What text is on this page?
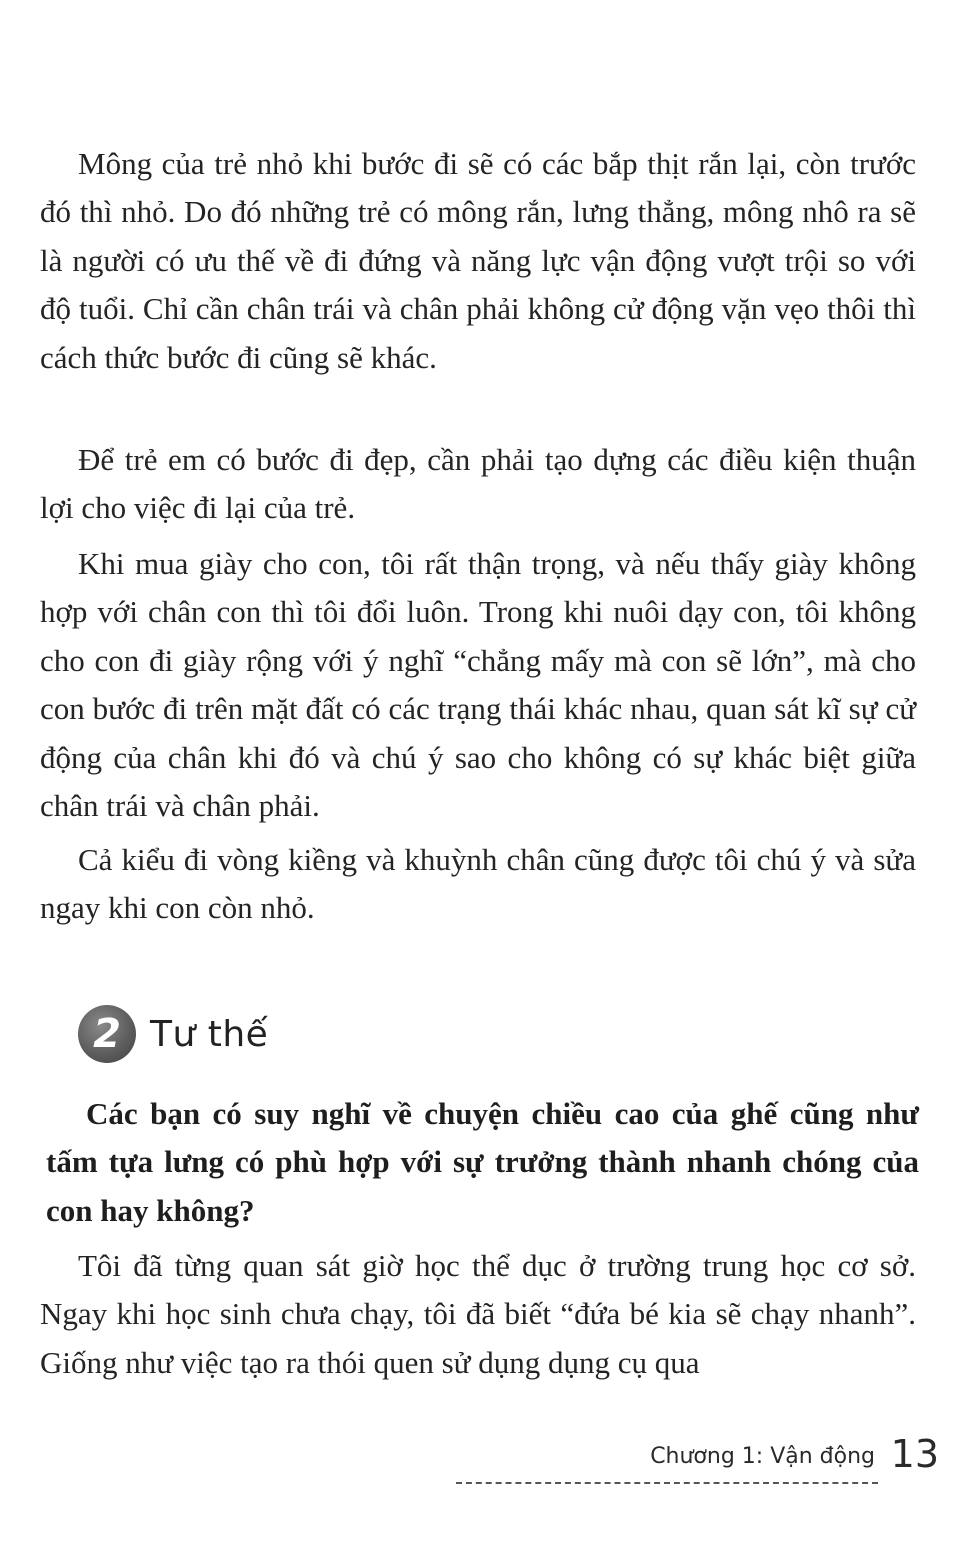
Mông của trẻ nhỏ khi bước đi sẽ có các bắp thịt rắn lại, còn trước đó thì nhỏ. Do đó những trẻ có mông rắn, lưng thẳng, mông nhô ra sẽ là người có ưu thế về đi đứng và năng lực vận động vượt trội so với độ tuổi. Chỉ cần chân trái và chân phải không cử động vặn vẹo thôi thì cách thức bước đi cũng sẽ khác.

Để trẻ em có bước đi đẹp, cần phải tạo dựng các điều kiện thuận lợi cho việc đi lại của trẻ.

Khi mua giày cho con, tôi rất thận trọng, và nếu thấy giày không hợp với chân con thì tôi đổi luôn. Trong khi nuôi dạy con, tôi không cho con đi giày rộng với ý nghĩ “chẳng mấy mà con sẽ lớn”, mà cho con bước đi trên mặt đất có các trạng thái khác nhau, quan sát kĩ sự cử động của chân khi đó và chú ý sao cho không có sự khác biệt giữa chân trái và chân phải.

Cả kiểu đi vòng kiềng và khuỳnh chân cũng được tôi chú ý và sửa ngay khi con còn nhỏ.

2 Tư thế

Các bạn có suy nghĩ về chuyện chiều cao của ghế cũng như tấm tựa lưng có phù hợp với sự trưởng thành nhanh chóng của con hay không?

Tôi đã từng quan sát giờ học thể dục ở trường trung học cơ sở. Ngay khi học sinh chưa chạy, tôi đã biết “đứa bé kia sẽ chạy nhanh”. Giống như việc tạo ra thói quen sử dụng dụng cụ qua

Chương 1: Vận động 13
